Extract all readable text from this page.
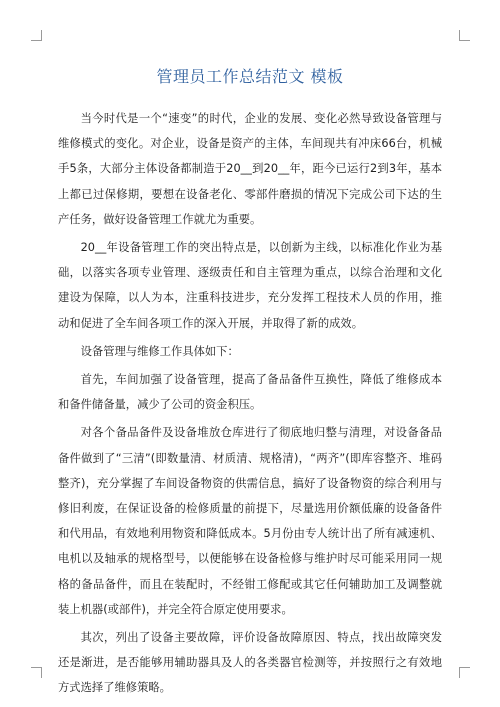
管理员工作总结范文 模板

当今时代是一个“速变”的时代，企业的发展、变化必然导致设备管理与维修模式的变化。对企业，设备是资产的主体，车间现共有冲床66台，机械手5条，大部分主体设备都制造于20__到20__年，距今已运行2到3年，基本上都已过保修期，要想在设备老化、零部件磨损的情况下完成公司下达的生产任务，做好设备管理工作就尤为重要。

20__年设备管理工作的突出特点是，以创新为主线，以标准化作业为基础，以落实各项专业管理、逐级责任和自主管理为重点，以综合治理和文化建设为保障，以人为本，注重科技进步，充分发挥工程技术人员的作用，推动和促进了全车间各项工作的深入开展，并取得了新的成效。

设备管理与维修工作具体如下：

首先，车间加强了设备管理，提高了备品备件互换性，降低了维修成本和备件储备量，减少了公司的资金积压。

对各个备品备件及设备堆放仓库进行了彻底地归整与清理，对设备备品备件做到了“三清”(即数量清、材质清、规格清)，“两齐”(即库容整齐、堆码整齐)，充分掌握了车间设备物资的供需信息，搞好了设备物资的综合利用与修旧利废，在保证设备的检修质量的前提下，尽量选用价额低廉的设备备件和代用品，有效地利用物资和降低成本。5月份由专人统计出了所有减速机、电机以及轴承的规格型号，以便能够在设备检修与维护时尽可能采用同一规格的备品备件，而且在装配时，不经钳工修配或其它任何辅助加工及调整就装上机器(或部件)，并完全符合原定使用要求。

其次，列出了设备主要故障，评价设备故障原因、特点，找出故障突发还是渐进，是否能够用辅助器具及人的各类器官检测等，并按照行之有效地方式选择了维修策略。
